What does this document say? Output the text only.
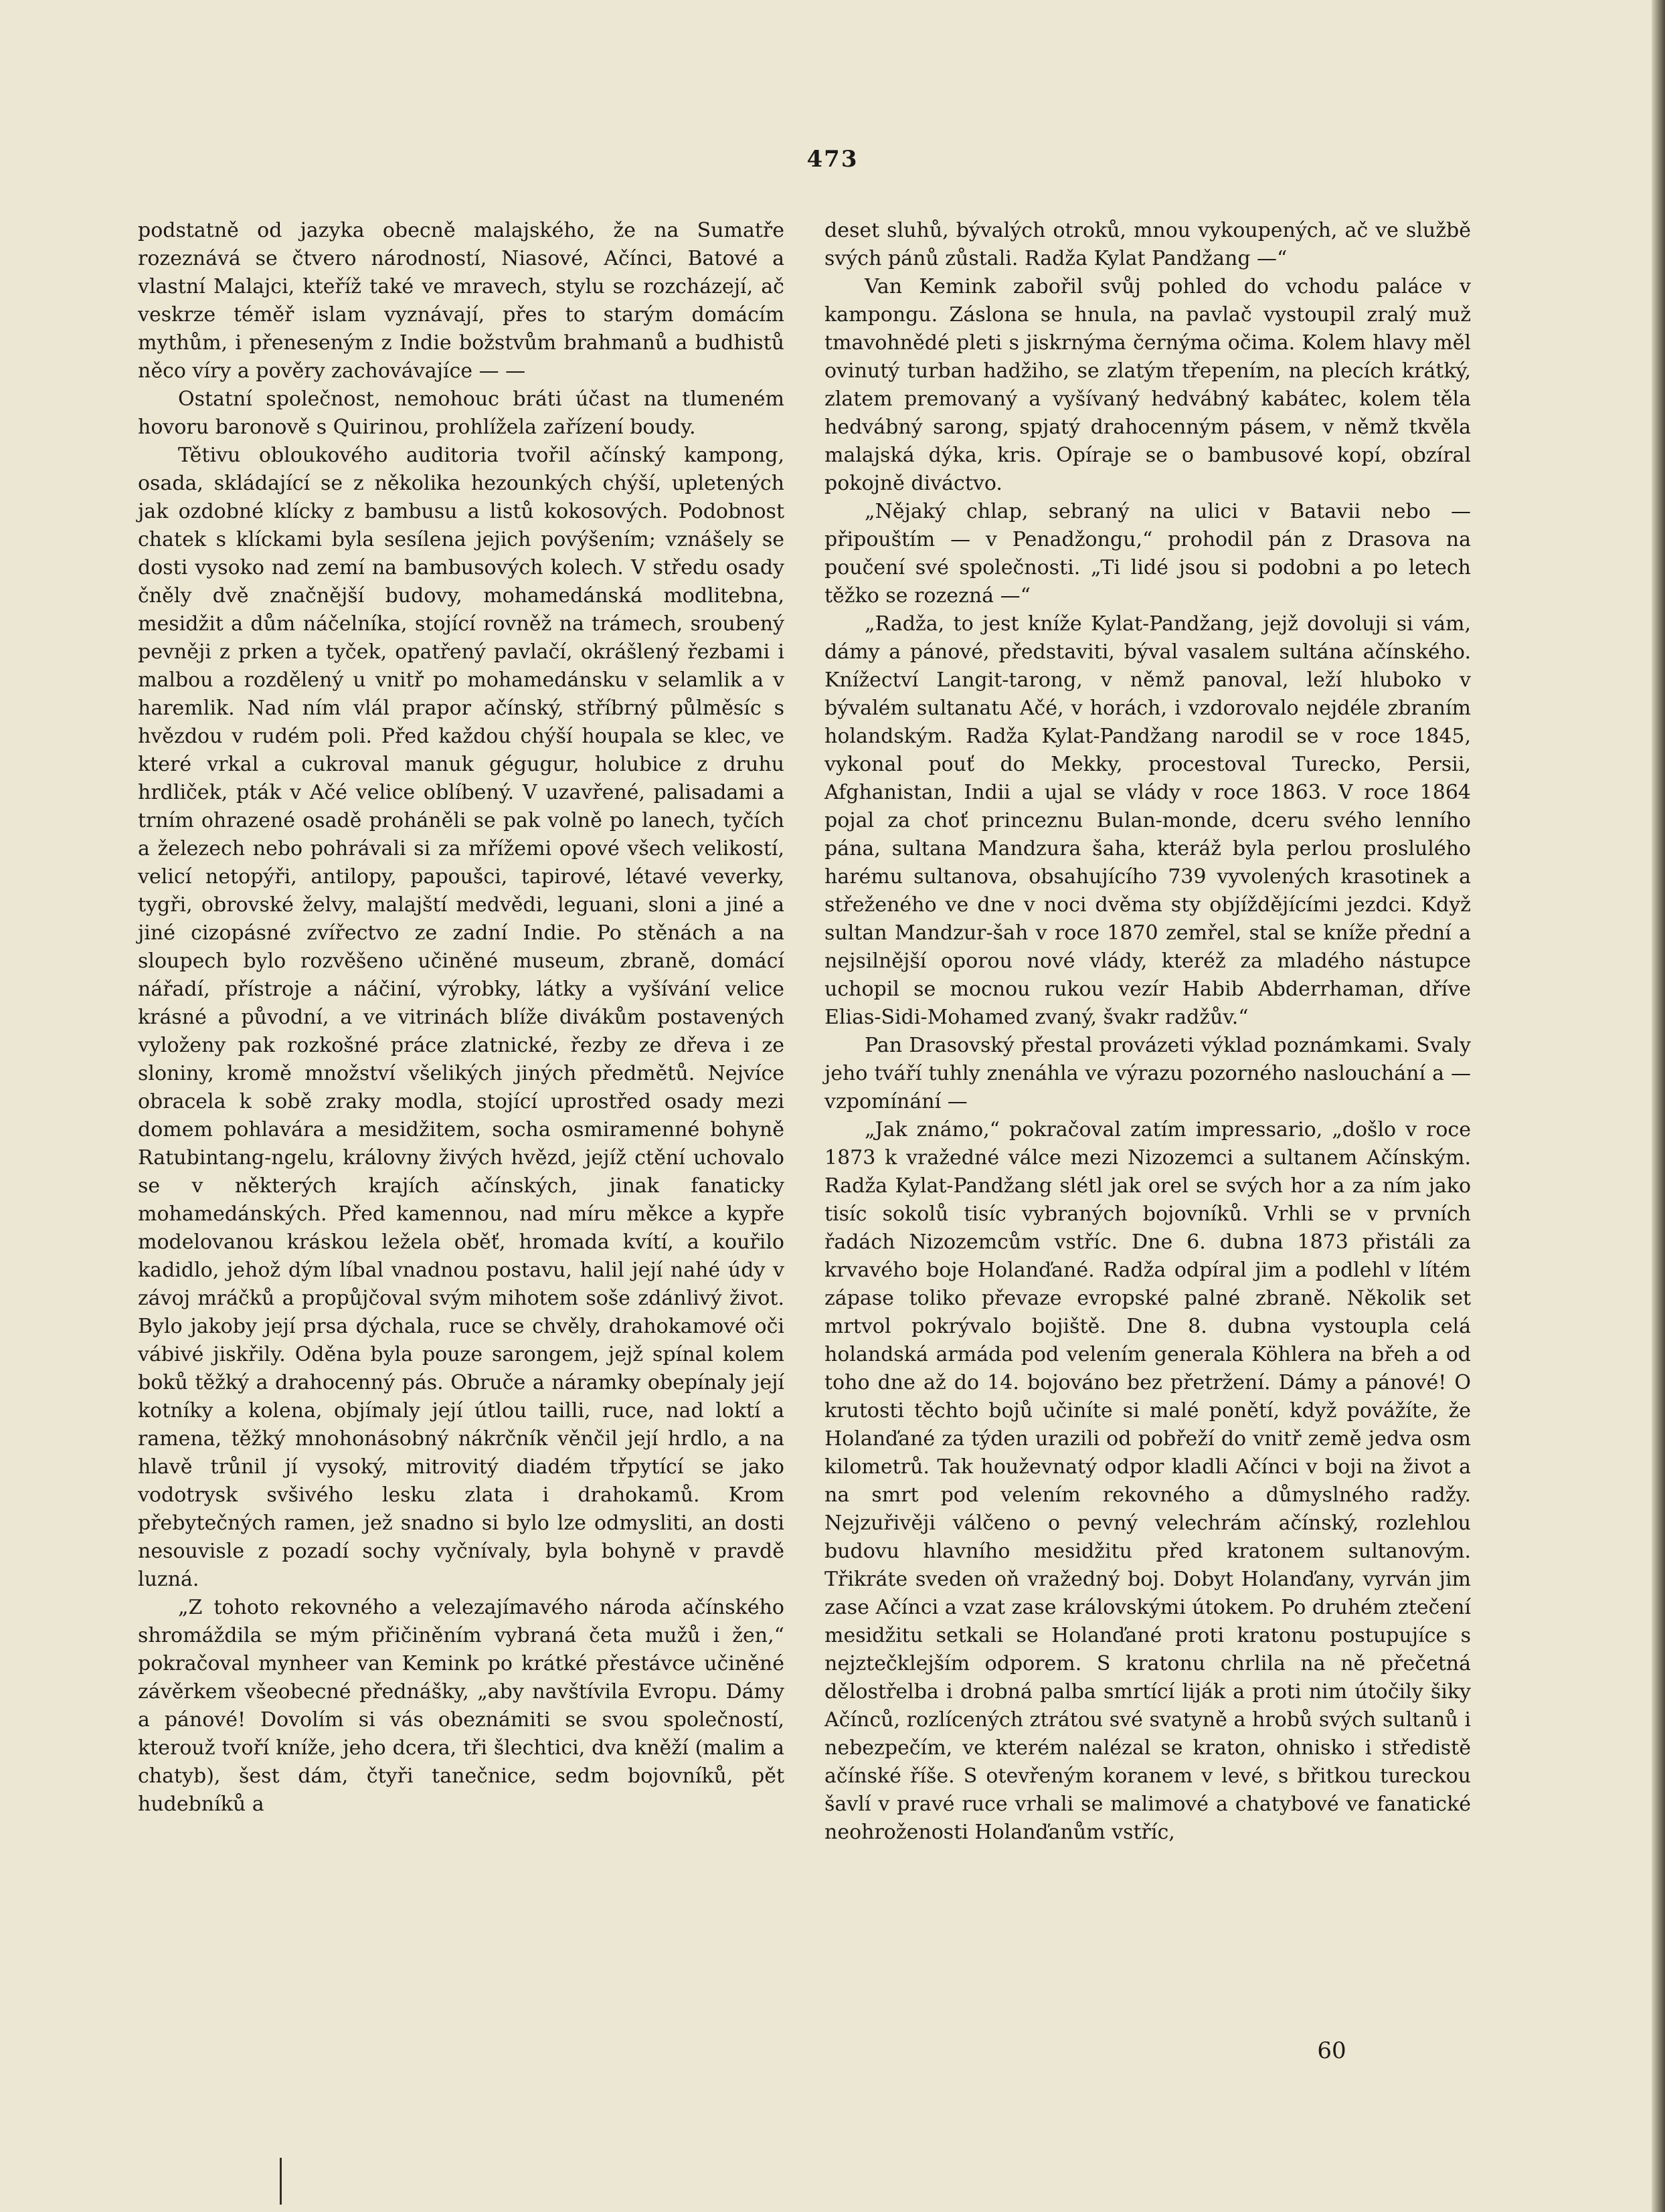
473

podstatně od jazyka obecně malajského, že na Sumatře rozeznává se čtvero národností, Niasové, Ačínci, Batové a vlastní Malajci, kteříž také ve mravech, stylu se rozcházejí, ač veskrze téměř islam vyznávají, přes to starým domácím mythům, i přeneseným z Indie božstvům brahmanů a budhistů něco víry a pověry zachovávajíce — —

Ostatní společnost, nemohouc bráti účast na tlumeném hovoru baronově s Quirinou, prohlížela zařízení boudy.

Tětivu obloukového auditoria tvořil ačínský kampong, osada, skládající se z několika hezounkých chýší, upletených jak ozdobné klícky z bambusu a listů kokosových. Podobnost chatek s klíckami byla sesílena jejich povýšením; vznášely se dosti vysoko nad zemí na bambusových kolech. V středu osady čněly dvě značnější budovy, mohamedánská modlitebna, mesidžit a dům náčelníka, stojící rovněž na trámech, sroubený pevněji z prken a tyček, opatřený pavlačí, okrášlený řezbami i malbou a rozdělený u vnitř po mohamedánsku v selamlik a v haremlik. Nad ním vlál prapor ačínský, stříbrný půlměsíc s hvězdou v rudém poli. Před každou chýší houpala se klec, ve které vrkal a cukroval manuk gégugur, holubice z druhu hrdliček, pták v Ačé velice oblíbený. V uzavřené, palisadami a trním ohrazené osadě proháněli se pak volně po lanech, tyčích a železech nebo pohrávali si za mřížemi opové všech velikostí, velicí netopýři, antilopy, papoušci, tapirové, létavé veverky, tygři, obrovské želvy, malajští medvědi, leguani, sloni a jiné a jiné cizopásné zvířectvo ze zadní Indie. Po stěnách a na sloupech bylo rozvěšeno učiněné museum, zbraně, domácí nářadí, přístroje a náčiní, výrobky, látky a vyšívání velice krásné a původní, a ve vitrinách blíže divákům postavených vyloženy pak rozkošné práce zlatnické, řezby ze dřeva i ze sloniny, kromě množství všelikých jiných předmětů. Nejvíce obracela k sobě zraky modla, stojící uprostřed osady mezi domem pohlavára a mesidžitem, socha osmiramenné bohyně Ratubintang-ngelu, královny živých hvězd, jejíž ctění uchovalo se v některých krajích ačínských, jinak fanaticky mohamedánských. Před kamennou, nad míru měkce a kypře modelovanou kráskou ležela oběť, hromada kvítí, a kouřilo kadidlo, jehož dým líbal vnadnou postavu, halil její nahé údy v závoj mráčků a propůjčoval svým mihotem soše zdánlivý život. Bylo jakoby její prsa dýchala, ruce se chvěly, drahokamové oči vábivé jiskřily. Oděna byla pouze sarongem, jejž spínal kolem boků těžký a drahocenný pás. Obruče a náramky obepínaly její kotníky a kolena, objímaly její útlou tailli, ruce, nad loktí a ramena, těžký mnohonásobný nákrčník věnčil její hrdlo, a na hlavě trůnil jí vysoký, mitrovitý diadém třpytící se jako vodotrysk svšivého lesku zlata i drahokamů. Krom přebytečných ramen, jež snadno si bylo lze odmysliti, an dosti nesouvisle z pozadí sochy vyčnívaly, byla bohyně v pravdě luzná.

„Z tohoto rekovného a velezajímavého národa ačínského shromáždila se mým přičiněním vybraná četa mužů i žen,“ pokračoval mynheer van Kemink po krátké přestávce učiněné závěrkem všeobecné přednášky, „aby navštívila Evropu. Dámy a pánové! Dovolím si vás obeznámiti se svou společností, kterouž tvoří kníže, jeho dcera, tři šlechtici, dva kněží (malim a chatyb), šest dám, čtyři tanečnice, sedm bojovníků, pět hudebníků a

deset sluhů, bývalých otroků, mnou vykoupených, ač ve službě svých pánů zůstali. Radža Kylat Pandžang —“

Van Kemink zabořil svůj pohled do vchodu paláce v kampongu. Záslona se hnula, na pavlač vystoupil zralý muž tmavohnědé pleti s jiskrnýma černýma očima. Kolem hlavy měl ovinutý turban hadžiho, se zlatým třepením, na plecích krátký, zlatem premovaný a vyšívaný hedvábný kabátec, kolem těla hedvábný sarong, spjatý drahocenným pásem, v němž tkvěla malajská dýka, kris. Opíraje se o bambusové kopí, obzíral pokojně diváctvo.

„Nějaký chlap, sebraný na ulici v Batavii nebo — připouštím — v Penadžongu,“ prohodil pán z Drasova na poučení své společnosti. „Ti lidé jsou si podobni a po letech těžko se rozezná —“

„Radža, to jest kníže Kylat-Pandžang, jejž dovoluji si vám, dámy a pánové, představiti, býval vasalem sultána ačínského. Knížectví Langit-tarong, v němž panoval, leží hluboko v bývalém sultanatu Ačé, v horách, i vzdorovalo nejdéle zbraním holandským. Radža Kylat-Pandžang narodil se v roce 1845, vykonal pouť do Mekky, procestoval Turecko, Persii, Afghanistan, Indii a ujal se vlády v roce 1863. V roce 1864 pojal za choť princeznu Bulan-monde, dceru svého lenního pána, sultana Mandzura šaha, kteráž byla perlou proslulého harému sultanova, obsahujícího 739 vyvolených krasotinek a střeženého ve dne v noci dvěma sty objíždějícími jezdci. Když sultan Mandzur-šah v roce 1870 zemřel, stal se kníže přední a nejsilnější oporou nové vlády, kteréž za mladého nástupce uchopil se mocnou rukou vezír Habib Abderrhaman, dříve Elias-Sidi-Mohamed zvaný, švakr radžův.“

Pan Drasovský přestal provázeti výklad poznámkami. Svaly jeho tváří tuhly znenáhla ve výrazu pozorného naslouchání a — vzpomínání —

„Jak známo,“ pokračoval zatím impressario, „došlo v roce 1873 k vražedné válce mezi Nizozemci a sultanem Ačínským. Radža Kylat-Pandžang slétl jak orel se svých hor a za ním jako tisíc sokolů tisíc vybraných bojovníků. Vrhli se v prvních řadách Nizozemcům vstříc. Dne 6. dubna 1873 přistáli za krvavého boje Holanďané. Radža odpíral jim a podlehl v lítém zápase toliko převaze evropské palné zbraně. Několik set mrtvol pokrývalo bojiště. Dne 8. dubna vystoupla celá holandská armáda pod velením generala Köhlera na břeh a od toho dne až do 14. bojováno bez přetržení. Dámy a pánové! O krutosti těchto bojů učiníte si malé ponětí, když povážíte, že Holanďané za týden urazili od pobřeží do vnitř země jedva osm kilometrů. Tak houževnatý odpor kladli Ačínci v boji na život a na smrt pod velením rekovného a důmyslného radžy. Nejzuřivěji válčeno o pevný velechrám ačínský, rozlehlou budovu hlavního mesidžitu před kratonem sultanovým. Třikráte sveden oň vražedný boj. Dobyt Holanďany, vyrván jim zase Ačínci a vzat zase královskými útokem. Po druhém ztečení mesidžitu setkali se Holanďané proti kratonu postupujíce s nejztečklejším odporem. S kratonu chrlila na ně přečetná dělostřelba i drobná palba smrtící liják a proti nim útočily šiky Ačínců, rozlícených ztrátou své svatyně a hrobů svých sultanů i nebezpečím, ve kterém nalézal se kraton, ohnisko i středistě ačínské říše. S otevřeným koranem v levé, s břitkou tureckou šavlí v pravé ruce vrhali se malimové a chatybové ve fanatické neohroženosti Holanďanům vstříc,

60
